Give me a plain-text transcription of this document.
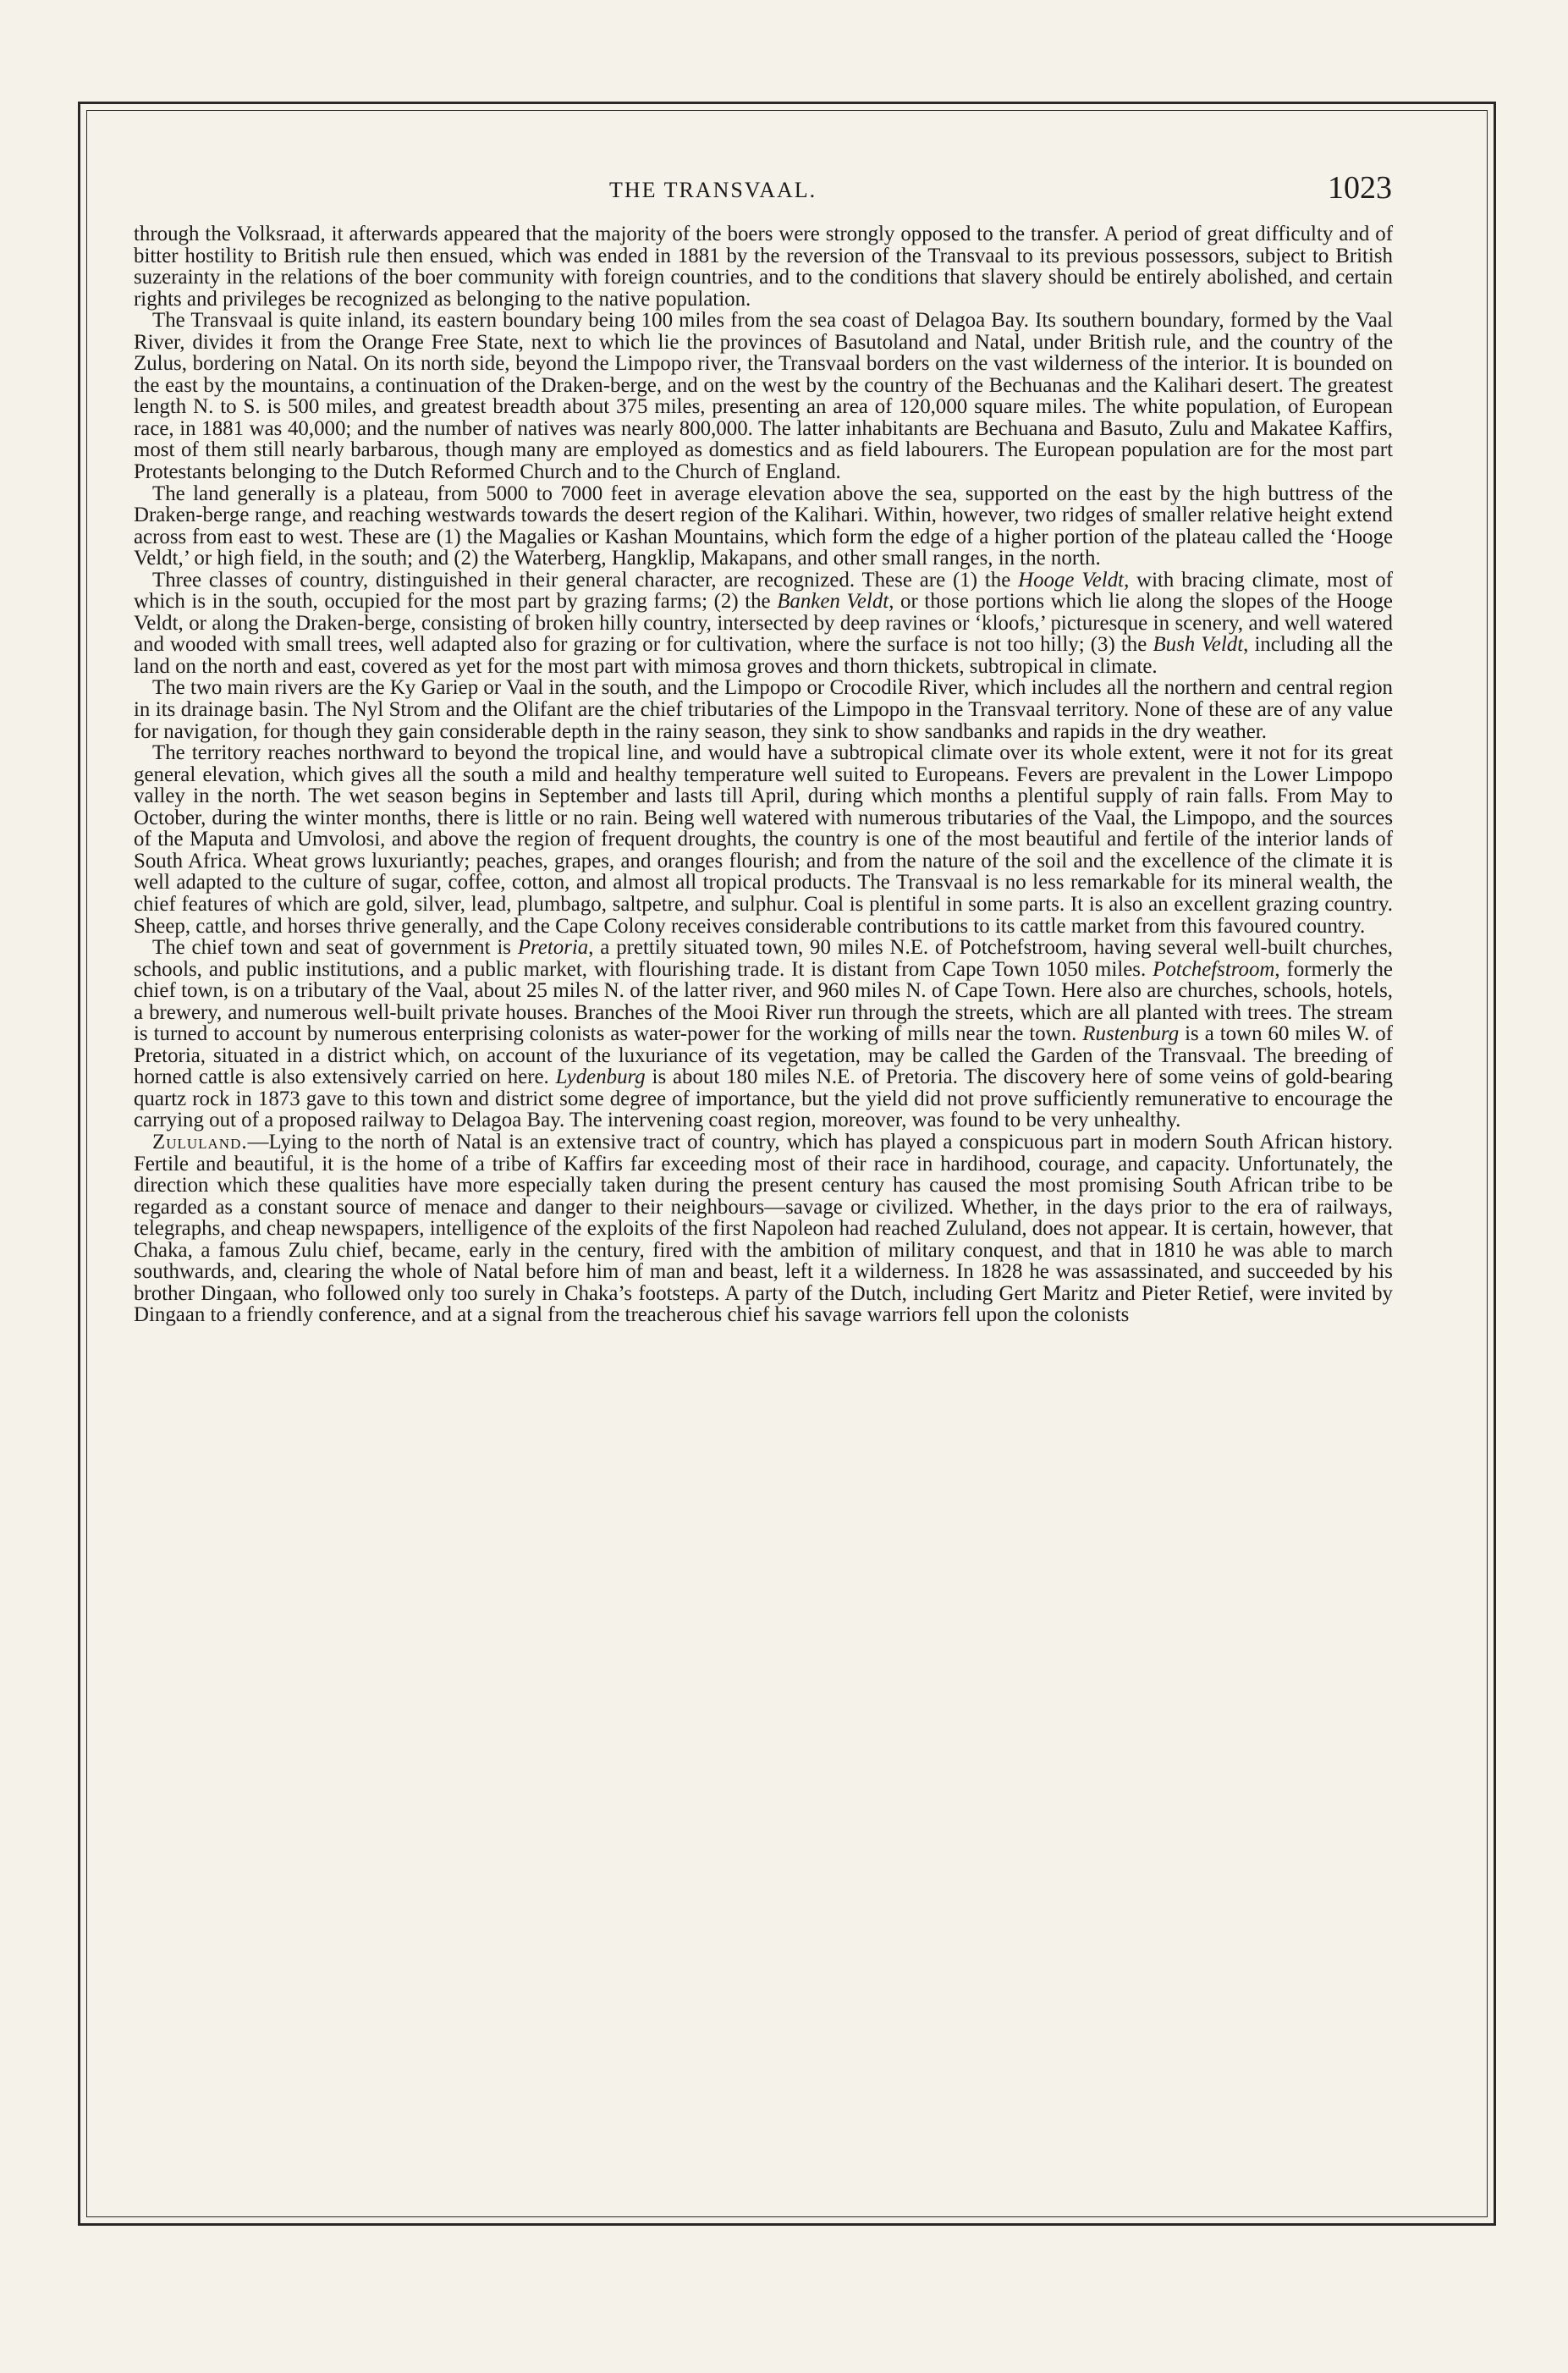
THE TRANSVAAL.	1023

through the Volksraad, it afterwards appeared that the majority of the boers were strongly opposed to the transfer. A period of great difficulty and of bitter hostility to British rule then ensued, which was ended in 1881 by the reversion of the Transvaal to its previous possessors, subject to British suzerainty in the relations of the boer community with foreign countries, and to the conditions that slavery should be entirely abolished, and certain rights and privileges be recognized as belonging to the native population.

The Transvaal is quite inland, its eastern boundary being 100 miles from the sea coast of Delagoa Bay. Its southern boundary, formed by the Vaal River, divides it from the Orange Free State, next to which lie the provinces of Basutoland and Natal, under British rule, and the country of the Zulus, bordering on Natal. On its north side, beyond the Limpopo river, the Transvaal borders on the vast wilderness of the interior. It is bounded on the east by the mountains, a continuation of the Draken-berge, and on the west by the country of the Bechuanas and the Kalihari desert. The greatest length N. to S. is 500 miles, and greatest breadth about 375 miles, presenting an area of 120,000 square miles. The white population, of European race, in 1881 was 40,000; and the number of natives was nearly 800,000. The latter inhabitants are Bechuana and Basuto, Zulu and Makatee Kaffirs, most of them still nearly barbarous, though many are employed as domestics and as field labourers. The European population are for the most part Protestants belonging to the Dutch Reformed Church and to the Church of England.

The land generally is a plateau, from 5000 to 7000 feet in average elevation above the sea, supported on the east by the high buttress of the Draken-berge range, and reaching westwards towards the desert region of the Kalihari. Within, however, two ridges of smaller relative height extend across from east to west. These are (1) the Magalies or Kashan Mountains, which form the edge of a higher portion of the plateau called the ‘Hooge Veldt,’ or high field, in the south; and (2) the Waterberg, Hangklip, Makapans, and other small ranges, in the north.

Three classes of country, distinguished in their general character, are recognized. These are (1) the Hooge Veldt, with bracing climate, most of which is in the south, occupied for the most part by grazing farms; (2) the Banken Veldt, or those portions which lie along the slopes of the Hooge Veldt, or along the Draken-berge, consisting of broken hilly country, intersected by deep ravines or ‘kloofs,’ picturesque in scenery, and well watered and wooded with small trees, well adapted also for grazing or for cultivation, where the surface is not too hilly; (3) the Bush Veldt, including all the land on the north and east, covered as yet for the most part with mimosa groves and thorn thickets, subtropical in climate.

The two main rivers are the Ky Gariep or Vaal in the south, and the Limpopo or Crocodile River, which includes all the northern and central region in its drainage basin. The Nyl Strom and the Olifant are the chief tributaries of the Limpopo in the Transvaal territory. None of these are of any value for navigation, for though they gain considerable depth in the rainy season, they sink to show sandbanks and rapids in the dry weather.

The territory reaches northward to beyond the tropical line, and would have a subtropical climate over its whole extent, were it not for its great general elevation, which gives all the south a mild and healthy temperature well suited to Europeans. Fevers are prevalent in the Lower Limpopo valley in the north. The wet season begins in September and lasts till April, during which months a plentiful supply of rain falls. From May to October, during the winter months, there is little or no rain. Being well watered with numerous tributaries of the Vaal, the Limpopo, and the sources of the Maputa and Umvolosi, and above the region of frequent droughts, the country is one of the most beautiful and fertile of the interior lands of South Africa. Wheat grows luxuriantly; peaches, grapes, and oranges flourish; and from the nature of the soil and the excellence of the climate it is well adapted to the culture of sugar, coffee, cotton, and almost all tropical products. The Transvaal is no less remarkable for its mineral wealth, the chief features of which are gold, silver, lead, plumbago, saltpetre, and sulphur. Coal is plentiful in some parts. It is also an excellent grazing country. Sheep, cattle, and horses thrive generally, and the Cape Colony receives considerable contributions to its cattle market from this favoured country.

The chief town and seat of government is Pretoria, a prettily situated town, 90 miles N.E. of Potchefstroom, having several well-built churches, schools, and public institutions, and a public market, with flourishing trade. It is distant from Cape Town 1050 miles. Potchefstroom, formerly the chief town, is on a tributary of the Vaal, about 25 miles N. of the latter river, and 960 miles N. of Cape Town. Here also are churches, schools, hotels, a brewery, and numerous well-built private houses. Branches of the Mooi River run through the streets, which are all planted with trees. The stream is turned to account by numerous enterprising colonists as water-power for the working of mills near the town. Rustenburg is a town 60 miles W. of Pretoria, situated in a district which, on account of the luxuriance of its vegetation, may be called the Garden of the Transvaal. The breeding of horned cattle is also extensively carried on here. Lydenburg is about 180 miles N.E. of Pretoria. The discovery here of some veins of gold-bearing quartz rock in 1873 gave to this town and district some degree of importance, but the yield did not prove sufficiently remunerative to encourage the carrying out of a proposed railway to Delagoa Bay. The intervening coast region, moreover, was found to be very unhealthy.

Zululand.—Lying to the north of Natal is an extensive tract of country, which has played a conspicuous part in modern South African history. Fertile and beautiful, it is the home of a tribe of Kaffirs far exceeding most of their race in hardihood, courage, and capacity. Unfortunately, the direction which these qualities have more especially taken during the present century has caused the most promising South African tribe to be regarded as a constant source of menace and danger to their neighbours—savage or civilized. Whether, in the days prior to the era of railways, telegraphs, and cheap newspapers, intelligence of the exploits of the first Napoleon had reached Zululand, does not appear. It is certain, however, that Chaka, a famous Zulu chief, became, early in the century, fired with the ambition of military conquest, and that in 1810 he was able to march southwards, and, clearing the whole of Natal before him of man and beast, left it a wilderness. In 1828 he was assassinated, and succeeded by his brother Dingaan, who followed only too surely in Chaka’s footsteps. A party of the Dutch, including Gert Maritz and Pieter Retief, were invited by Dingaan to a friendly conference, and at a signal from the treacherous chief his savage warriors fell upon the colonists
